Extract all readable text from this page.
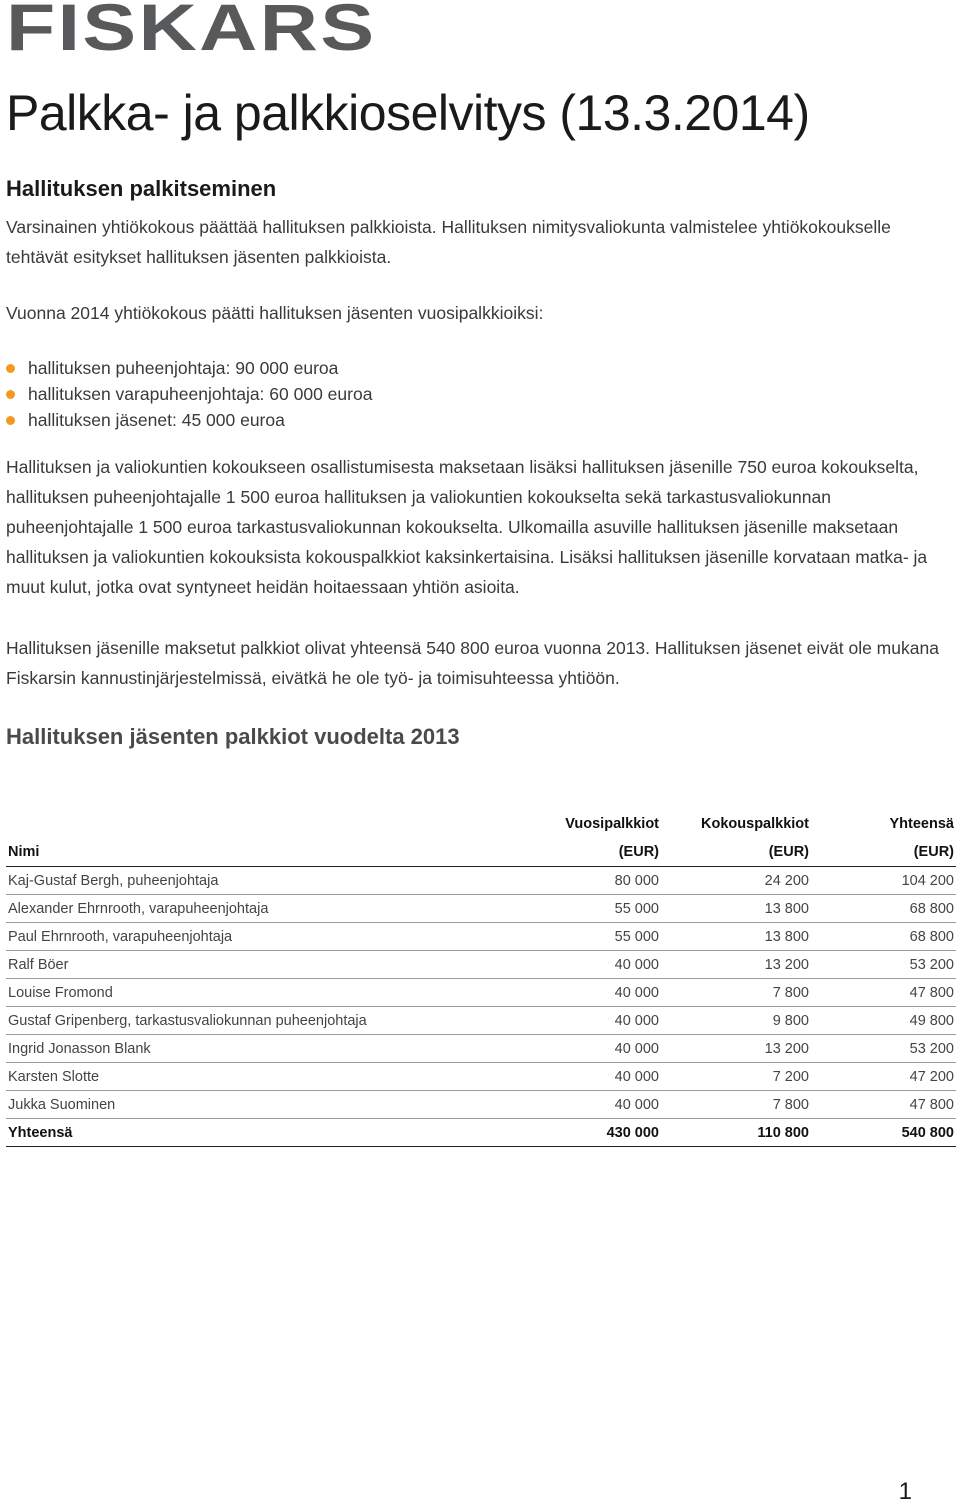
FISKARS
Palkka- ja palkkioselvitys (13.3.2014)
Hallituksen palkitseminen

Varsinainen yhtiökokous päättää hallituksen palkkioista. Hallituksen nimitysvaliokunta valmistelee yhtiökokoukselle tehtävät esitykset hallituksen jäsenten palkkioista.

Vuonna 2014 yhtiökokous päätti hallituksen jäsenten vuosipalkkioiksi:

hallituksen puheenjohtaja: 90 000 euroa
hallituksen varapuheenjohtaja: 60 000 euroa
hallituksen jäsenet: 45 000 euroa

Hallituksen ja valiokuntien kokoukseen osallistumisesta maksetaan lisäksi hallituksen jäsenille 750 euroa kokoukselta, hallituksen puheenjohtajalle 1 500 euroa hallituksen ja valiokuntien kokoukselta sekä tarkastusvaliokunnan puheenjohtajalle 1 500 euroa tarkastusvaliokunnan kokoukselta. Ulkomailla asuville hallituksen jäsenille maksetaan hallituksen ja valiokuntien kokouksista kokouspalkkiot kaksinkertaisina. Lisäksi hallituksen jäsenille korvataan matka- ja muut kulut, jotka ovat syntyneet heidän hoitaessaan yhtiön asioita.

Hallituksen jäsenille maksetut palkkiot olivat yhteensä 540 800 euroa vuonna 2013. Hallituksen jäsenet eivät ole mukana Fiskarsin kannustinjärjestelmissä, eivätkä he ole työ- ja toimisuhteessa yhtiöön.

Hallituksen jäsenten palkkiot vuodelta 2013
	Vuosipalkkiot	Kokouspalkkiot	Yhteensä
Nimi	(EUR)	(EUR)	(EUR)
Kaj-Gustaf Bergh, puheenjohtaja	80 000	24 200	104 200
Alexander Ehrnrooth, varapuheenjohtaja	55 000	13 800	68 800
Paul Ehrnrooth, varapuheenjohtaja	55 000	13 800	68 800
Ralf Böer	40 000	13 200	53 200
Louise Fromond	40 000	7 800	47 800
Gustaf Gripenberg, tarkastusvaliokunnan puheenjohtaja	40 000	9 800	49 800
Ingrid Jonasson Blank	40 000	13 200	53 200
Karsten Slotte	40 000	7 200	47 200
Jukka Suominen	40 000	7 800	47 800
Yhteensä	430 000	110 800	540 800
1
